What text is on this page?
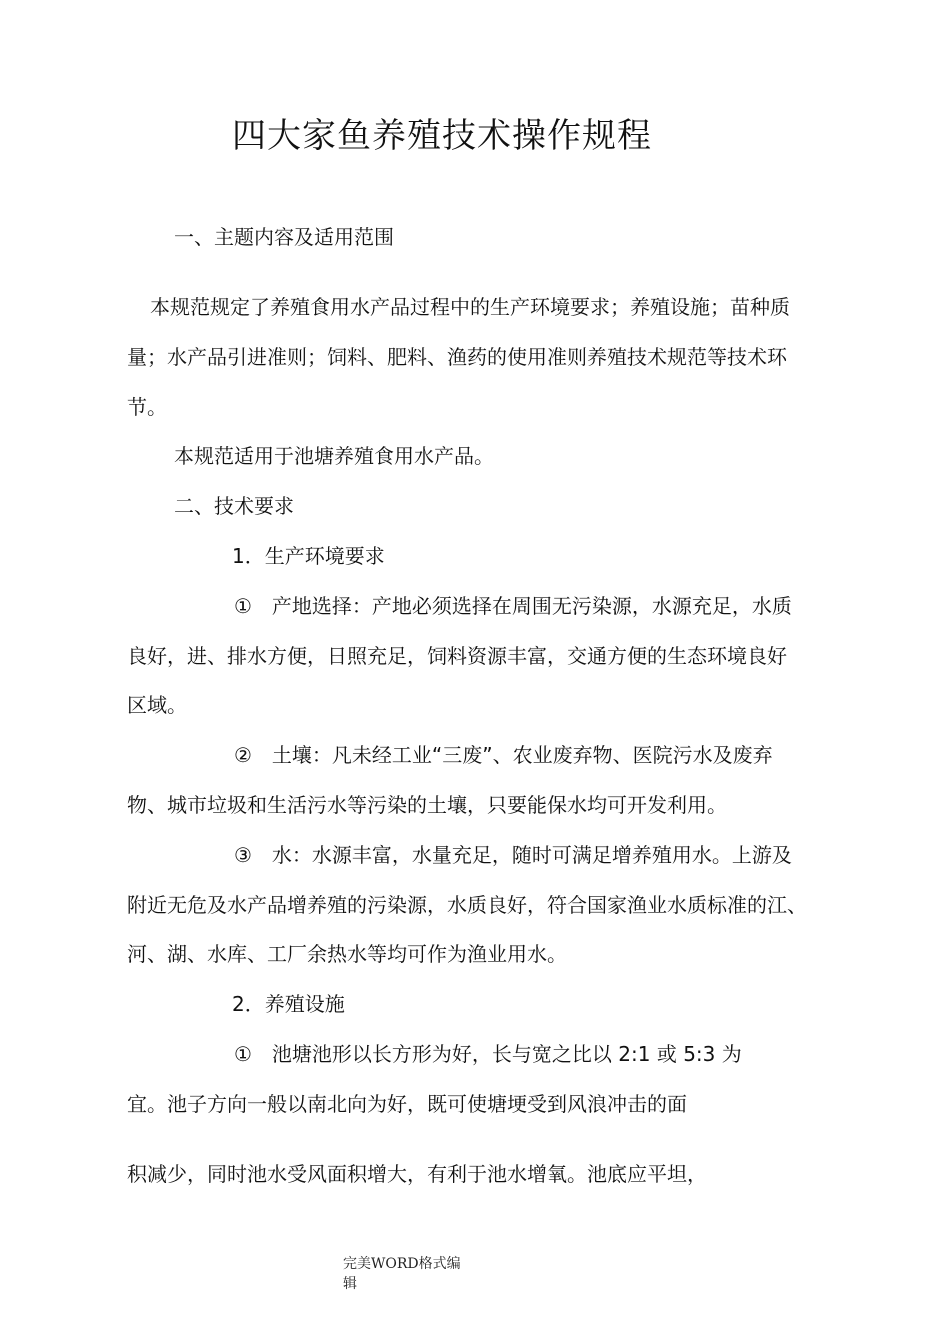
四大家鱼养殖技术操作规程

一、主题内容及适用范围

本规范规定了养殖食用水产品过程中的生产环境要求；养殖设施；苗种质

量；水产品引进准则；饲料、肥料、渔药的使用准则养殖技术规范等技术环

节。

本规范适用于池塘养殖食用水产品。

二、技术要求

1．生产环境要求

①　产地选择：产地必须选择在周围无污染源，水源充足，水质

良好，进、排水方便，日照充足，饲料资源丰富，交通方便的生态环境良好

区域。

②　土壤：凡未经工业“三废”、农业废弃物、医院污水及废弃

物、城市垃圾和生活污水等污染的土壤，只要能保水均可开发利用。

③　水：水源丰富，水量充足，随时可满足增养殖用水。上游及

附近无危及水产品增养殖的污染源，水质良好，符合国家渔业水质标准的江、

河、湖、水库、工厂余热水等均可作为渔业用水。

2．养殖设施

①　池塘池形以长方形为好，长与宽之比以 2:1 或 5:3 为

宜。池子方向一般以南北向为好，既可使塘埂受到风浪冲击的面

积减少，同时池水受风面积增大，有利于池水增氧。池底应平坦，

完美WORD格式编
辑
